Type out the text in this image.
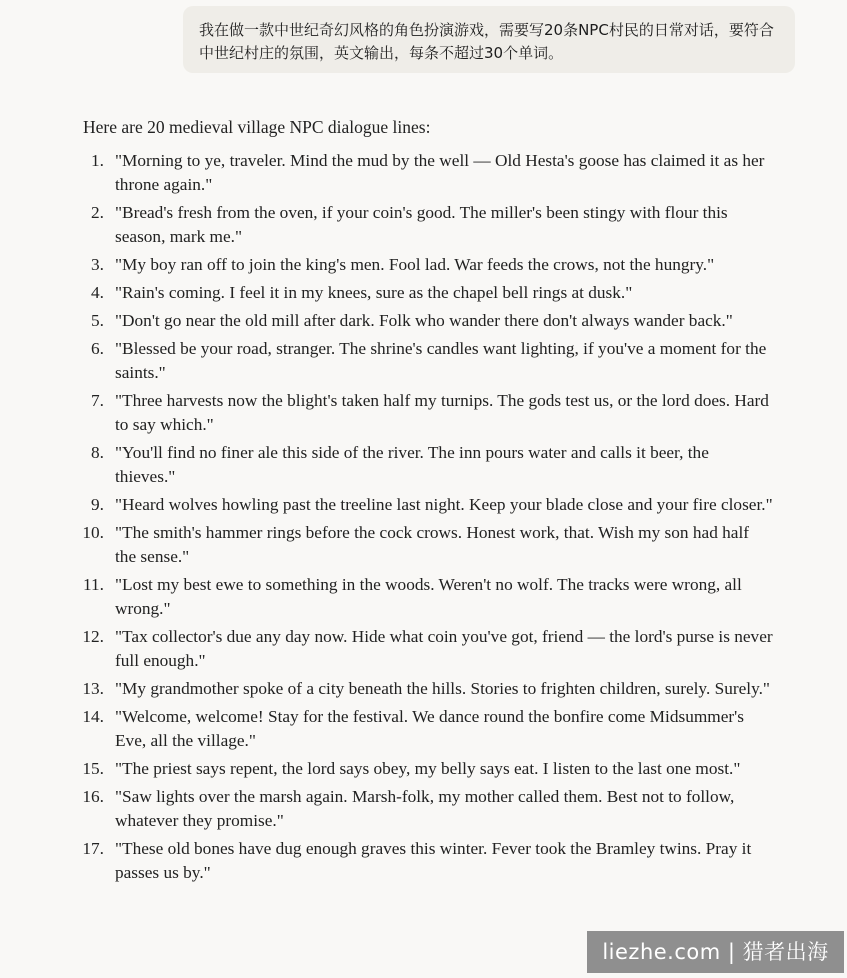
我在做一款中世纪奇幻风格的角色扮演游戏，需要写20条NPC村民的日常对话，要符合中世纪村庄的氛围，英文输出，每条不超过30个单词。

Here are 20 medieval village NPC dialogue lines:

1. "Morning to ye, traveler. Mind the mud by the well — Old Hesta's goose has claimed it as her throne again."
2. "Bread's fresh from the oven, if your coin's good. The miller's been stingy with flour this season, mark me."
3. "My boy ran off to join the king's men. Fool lad. War feeds the crows, not the hungry."
4. "Rain's coming. I feel it in my knees, sure as the chapel bell rings at dusk."
5. "Don't go near the old mill after dark. Folk who wander there don't always wander back."
6. "Blessed be your road, stranger. The shrine's candles want lighting, if you've a moment for the saints."
7. "Three harvests now the blight's taken half my turnips. The gods test us, or the lord does. Hard to say which."
8. "You'll find no finer ale this side of the river. The inn pours water and calls it beer, the thieves."
9. "Heard wolves howling past the treeline last night. Keep your blade close and your fire closer."
10. "The smith's hammer rings before the cock crows. Honest work, that. Wish my son had half the sense."
11. "Lost my best ewe to something in the woods. Weren't no wolf. The tracks were wrong, all wrong."
12. "Tax collector's due any day now. Hide what coin you've got, friend — the lord's purse is never full enough."
13. "My grandmother spoke of a city beneath the hills. Stories to frighten children, surely. Surely."
14. "Welcome, welcome! Stay for the festival. We dance round the bonfire come Midsummer's Eve, all the village."
15. "The priest says repent, the lord says obey, my belly says eat. I listen to the last one most."
16. "Saw lights over the marsh again. Marsh-folk, my mother called them. Best not to follow, whatever they promise."
17. "These old bones have dug enough graves this winter. Fever took the Bramley twins. Pray it passes us by."
liezhe.com | 猎者出海
